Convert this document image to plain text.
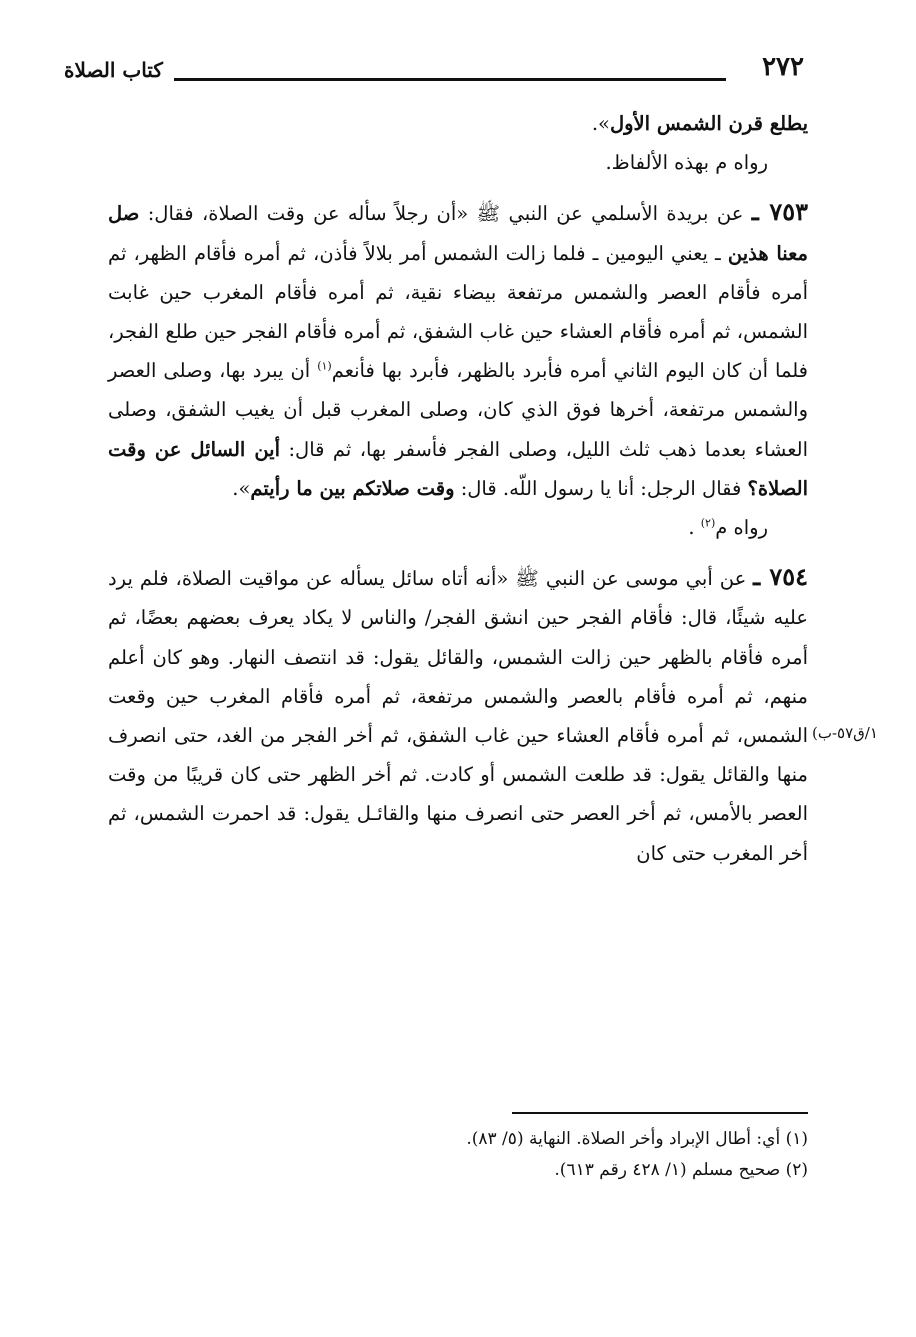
٢٧٢
كتاب الصلاة

يطلع قرن الشمس الأول».

رواه م بهذه الألفاظ.

٧٥٣ ـ عن بريدة الأسلمي عن النبي ﷺ «أن رجلاً سأله عن وقت الصلاة، فقال: صل معنا هذين ـ يعني اليومين ـ فلما زالت الشمس أمر بلالاً فأذن، ثم أمره فأقام الظهر، ثم أمره فأقام العصر والشمس مرتفعة بيضاء نقية، ثم أمره فأقام المغرب حين غابت الشمس، ثم أمره فأقام العشاء حين غاب الشفق، ثم أمره فأقام الفجر حين طلع الفجر، فلما أن كان اليوم الثاني أمره فأبرد بالظهر، فأبرد بها فأنعم$^{(١)}$ أن يبرد بها، وصلى العصر والشمس مرتفعة، أخرها فوق الذي كان، وصلى المغرب قبل أن يغيب الشفق، وصلى العشاء بعدما ذهب ثلث الليل، وصلى الفجر فأسفر بها، ثم قال: أين السائل عن وقت الصلاة؟ فقال الرجل: أنا يا رسول اللّه. قال: وقت صلاتكم بين ما رأيتم».

رواه م$^{(٢)}$ .

٧٥٤ ـ عن أبي موسى عن النبي ﷺ «أنه أتاه سائل يسأله عن مواقيت الصلاة، فلم يرد عليه شيئًا، قال: فأقام الفجر حين انشق الفجر/ والناس لا يكاد يعرف بعضهم بعضًا، ثم أمره فأقام بالظهر حين زالت الشمس، والقائل يقول: قد انتصف النهار. وهو كان أعلم منهم، ثم أمره فأقام بالعصر والشمس مرتفعة، ثم أمره فأقام المغرب حين وقعت الشمس، ثم أمره فأقام العشاء حين غاب الشفق، ثم أخر الفجر من الغد، حتى انصرف منها والقائل يقول: قد طلعت الشمس أو كادت. ثم أخر الظهر حتى كان قريبًا من وقت العصر بالأمس، ثم أخر العصر حتى انصرف منها والقائـل يقول: قد احمرت الشمس، ثم أخر المغرب حتى كان

١/ق٥٧-ب)

(١) أي: أطال الإبراد وأخر الصلاة. النهاية (٥/ ٨٣).

(٢) صحيح مسلم (١/ ٤٢٨ رقم ٦١٣).
